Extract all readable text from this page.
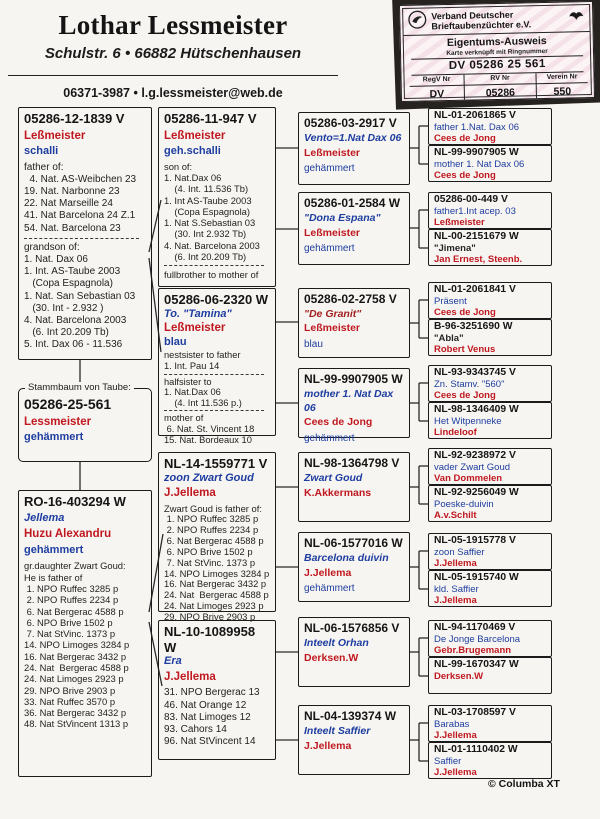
Lothar Lessmeister
Schulstr. 6 • 66882 Hütschenhausen
06371-3987 • l.g.lessmeister@web.de
Verband Deutscher
Brieftaubenzüchter e.V.
Eigentums-Ausweis
Karte verknüpft mit Ringnummer
DV 05286 25 561
RegV Nr	RV Nr	Verein Nr
DV	05286	550
05286-12-1839 V
Leßmeister
schalli
father of:
4. Nat. AS-Weibchen 23
19. Nat. Narbonne 23
22. Nat Marseille 24
41. Nat Barcelona 24 Z.1
54. Nat. Barcelona 23
grandson of:
1. Nat. Dax 06
1. Int. AS-Taube 2003
(Copa Espagnola)
1. Nat. San Sebastian 03
(30. Int - 2.932 )
4. Nat. Barcelona 2003
(6. Int 20.209 Tb)
5. Int. Dax 06 - 11.536
Stammbaum von Taube:
05286-25-561
Lessmeister
gehämmert
RO-16-403294 W
Jellema
Huzu Alexandru
gehämmert
gr.daughter Zwart Goud:
He is father of
1. NPO Ruffec 3285 p
2. NPO Ruffes 2234 p
6. Nat Bergerac 4588 p
6. NPO Brive 1502 p
7. Nat StVinc. 1373 p
14. NPO Limoges 3284 p
16. Nat Bergerac 3432 p
24. Nat  Bergerac 4588 p
24. Nat Limoges 2923 p
29. NPO Brive 2903 p
33. Nat Ruffec 3570 p
36. Nat Bergerac 3432 p
48. Nat StVincent 1313 p
05286-11-947 V
Leßmeister
geh.schalli
son of:
1. Nat.Dax 06
(4. Int. 11.536 Tb)
1. Int AS-Taube 2003
(Copa Espagnola)
1. Nat S.Sebastian 03
(30. Int 2.932 Tb)
4. Nat. Barcelona 2003
(6. Int 20.209 Tb)
fullbrother to mother of
05286-06-2320 W
To. "Tamina"
Leßmeister
blau
nestsister to father
1. Int. Pau 14
halfsister to
1. Nat.Dax 06
(4. Int 11.536 p.)
mother of
6. Nat. St. Vincent 18
15. Nat. Bordeaux 10
NL-14-1559771 V
zoon Zwart Goud
J.Jellema
Zwart Goud is father of:
1. NPO Ruffec 3285 p
2. NPO Ruffes 2234 p
6. Nat Bergerac 4588 p
6. NPO Brive 1502 p
7. Nat StVinc. 1373 p
14. NPO Limoges 3284 p
16. Nat Bergerac 3432 p
24. Nat  Bergerac 4588 p
24. Nat Limoges 2923 p
29. NPO Brive 2903 p
NL-10-1089958 W
Era
J.Jellema
31. NPO Bergerac 13
46. Nat Orange 12
83. Nat Limoges 12
93. Cahors 14
96. Nat StVincent 14
05286-03-2917 V
Vento=1.Nat Dax 06
Leßmeister
gehämmert
05286-01-2584 W
"Dona Espana"
Leßmeister
gehämmert
05286-02-2758 V
"De Granit"
Leßmeister
blau
NL-99-9907905 W
mother 1. Nat Dax 06
Cees de Jong
gehämmert
NL-98-1364798 V
Zwart Goud
K.Akkermans
NL-06-1577016 W
Barcelona duivin
J.Jellema
gehämmert
NL-06-1576856 V
Inteelt Orhan
Derksen.W
NL-04-139374 W
Inteelt Saffier
J.Jellema
NL-01-2061865 V
father 1.Nat. Dax 06
Cees de Jong
NL-99-9907905 W
mother 1. Nat Dax 06
Cees de Jong
05286-00-449 V
father1.Int acep. 03
Leßmeister
NL-00-2151679 W
"Jimena"
Jan Ernest, Steenb.
NL-01-2061841 V
Präsent
Cees de Jong
B-96-3251690 W
"Abla"
Robert Venus
NL-93-9343745 V
Zn. Stamv. "560"
Cees de Jong
NL-98-1346409 W
Het Witpenneke
Lindeloof
NL-92-9238972 V
vader Zwart Goud
Van Dommelen
NL-92-9256049 W
Poeske-duivin
A.v.Schilt
NL-05-1915778 V
zoon Saffier
J.Jellema
NL-05-1915740 W
kld. Saffier
J.Jellema
NL-94-1170469 V
De Jonge Barcelona
Gebr.Brugemann
NL-99-1670347 W
Derksen.W
NL-03-1708597 V
Barabas
J.Jellema
NL-01-1110402 W
Saffier
J.Jellema
© Columba XT
